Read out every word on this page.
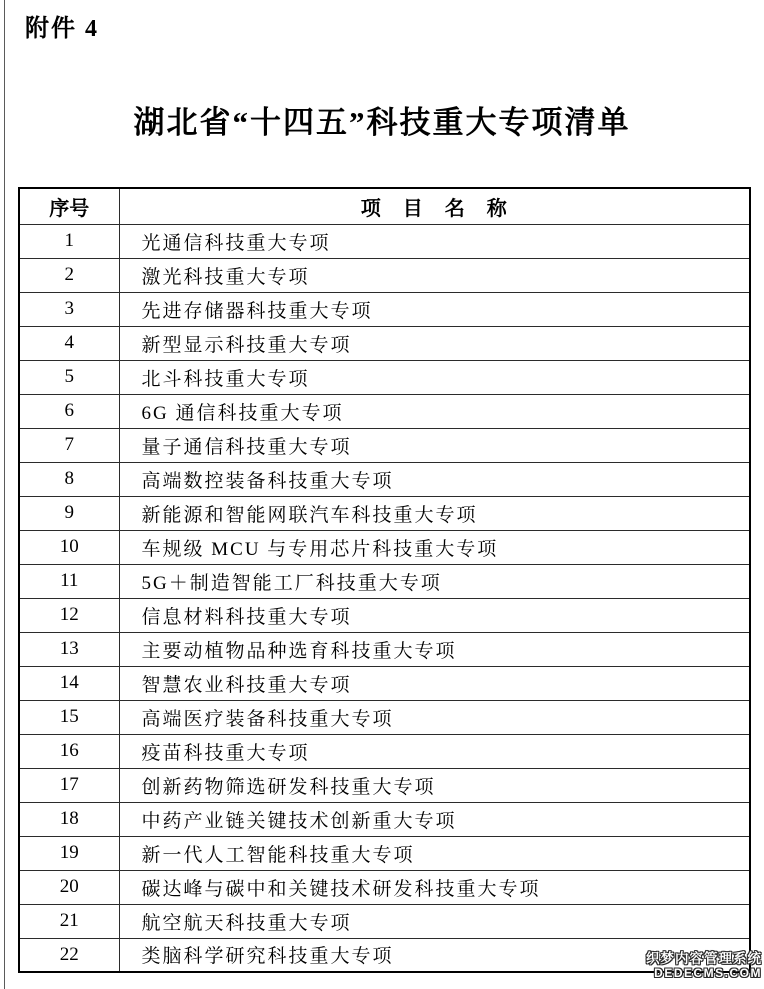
附件 4
湖北省“十四五”科技重大专项清单
序号	项　目　名　称
1	光通信科技重大专项
2	激光科技重大专项
3	先进存储器科技重大专项
4	新型显示科技重大专项
5	北斗科技重大专项
6	6G 通信科技重大专项
7	量子通信科技重大专项
8	高端数控装备科技重大专项
9	新能源和智能网联汽车科技重大专项
10	车规级 MCU 与专用芯片科技重大专项
11	5G＋制造智能工厂科技重大专项
12	信息材料科技重大专项
13	主要动植物品种选育科技重大专项
14	智慧农业科技重大专项
15	高端医疗装备科技重大专项
16	疫苗科技重大专项
17	创新药物筛选研发科技重大专项
18	中药产业链关键技术创新重大专项
19	新一代人工智能科技重大专项
20	碳达峰与碳中和关键技术研发科技重大专项
21	航空航天科技重大专项
22	类脑科学研究科技重大专项	织梦内容管理系统
DEDECMS.COM
